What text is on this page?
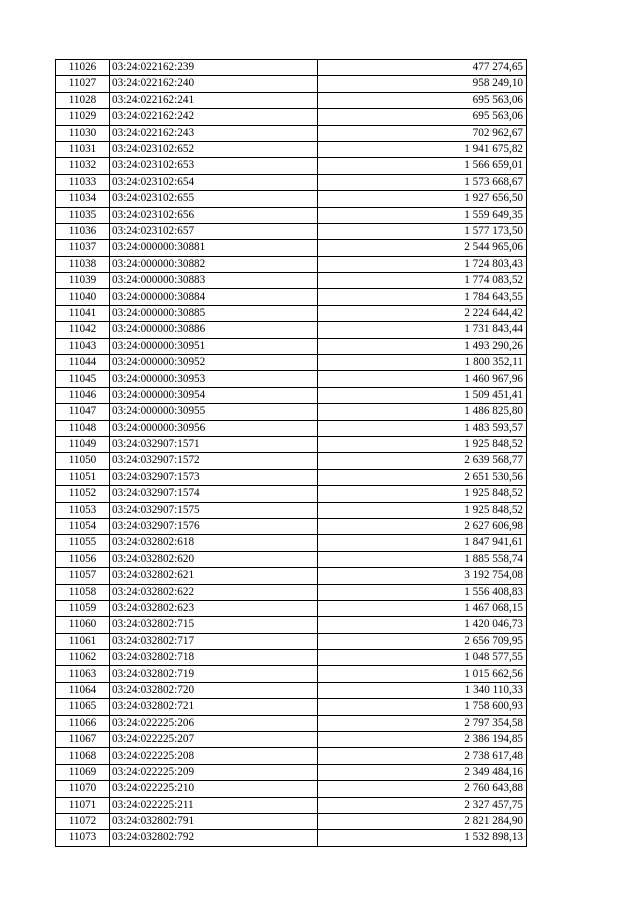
11026	03:24:022162:239	477 274,65
11027	03:24:022162:240	958 249,10
11028	03:24:022162:241	695 563,06
11029	03:24:022162:242	695 563,06
11030	03:24:022162:243	702 962,67
11031	03:24:023102:652	1 941 675,82
11032	03:24:023102:653	1 566 659,01
11033	03:24:023102:654	1 573 668,67
11034	03:24:023102:655	1 927 656,50
11035	03:24:023102:656	1 559 649,35
11036	03:24:023102:657	1 577 173,50
11037	03:24:000000:30881	2 544 965,06
11038	03:24:000000:30882	1 724 803,43
11039	03:24:000000:30883	1 774 083,52
11040	03:24:000000:30884	1 784 643,55
11041	03:24:000000:30885	2 224 644,42
11042	03:24:000000:30886	1 731 843,44
11043	03:24:000000:30951	1 493 290,26
11044	03:24:000000:30952	1 800 352,11
11045	03:24:000000:30953	1 460 967,96
11046	03:24:000000:30954	1 509 451,41
11047	03:24:000000:30955	1 486 825,80
11048	03:24:000000:30956	1 483 593,57
11049	03:24:032907:1571	1 925 848,52
11050	03:24:032907:1572	2 639 568,77
11051	03:24:032907:1573	2 651 530,56
11052	03:24:032907:1574	1 925 848,52
11053	03:24:032907:1575	1 925 848,52
11054	03:24:032907:1576	2 627 606,98
11055	03:24:032802:618	1 847 941,61
11056	03:24:032802:620	1 885 558,74
11057	03:24:032802:621	3 192 754,08
11058	03:24:032802:622	1 556 408,83
11059	03:24:032802:623	1 467 068,15
11060	03:24:032802:715	1 420 046,73
11061	03:24:032802:717	2 656 709,95
11062	03:24:032802:718	1 048 577,55
11063	03:24:032802:719	1 015 662,56
11064	03:24:032802:720	1 340 110,33
11065	03:24:032802:721	1 758 600,93
11066	03:24:022225:206	2 797 354,58
11067	03:24:022225:207	2 386 194,85
11068	03:24:022225:208	2 738 617,48
11069	03:24:022225:209	2 349 484,16
11070	03:24:022225:210	2 760 643,88
11071	03:24:022225:211	2 327 457,75
11072	03:24:032802:791	2 821 284,90
11073	03:24:032802:792	1 532 898,13
